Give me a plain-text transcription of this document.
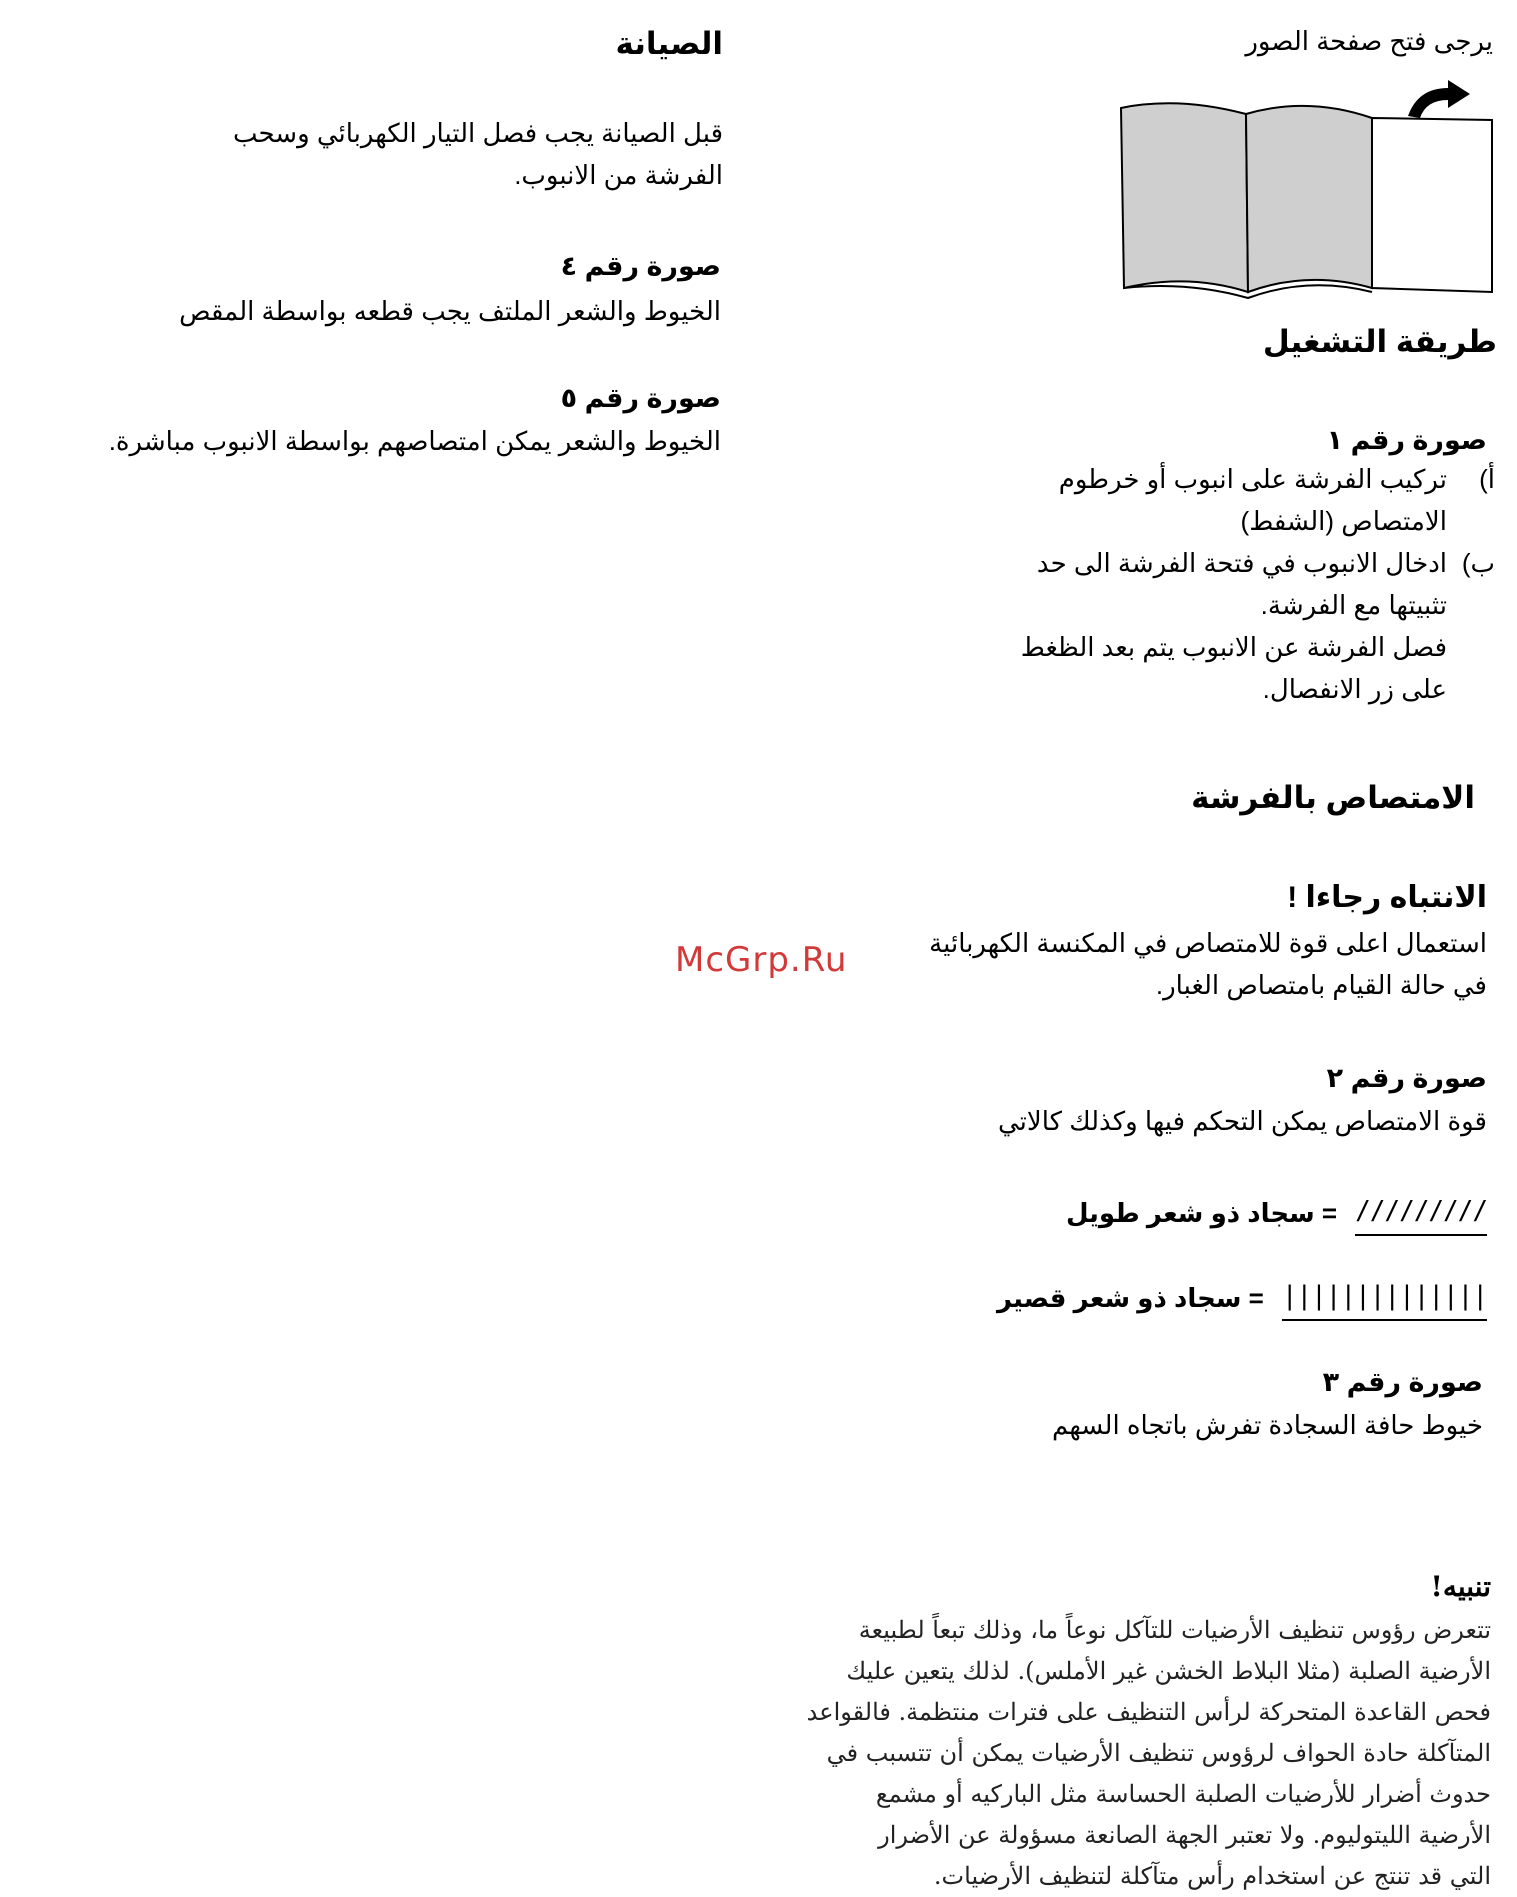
يرجى فتح صفحة الصور
طريقة التشغيل
صورة رقم ١
أ)
تركيب الفرشة على انبوب أو خرطوم
الامتصاص (الشفط)
ب)
ادخال الانبوب في فتحة الفرشة الى حد
تثبيتها مع الفرشة.
فصل الفرشة عن الانبوب يتم بعد الظغط
على زر الانفصال.
الامتصاص بالفرشة
الانتباه رجاءا !
استعمال اعلى قوة للامتصاص في المكنسة الكهربائية
في حالة القيام بامتصاص الغبار.
McGrp.Ru
صورة رقم ٢
قوة الامتصاص يمكن التحكم فيها وكذلك كالاتي
/////////
= سجاد ذو شعر طويل
||||||||||||||
= سجاد ذو شعر قصير
صورة رقم ٣
خيوط حافة السجادة تفرش باتجاه السهم
الصيانة
قبل الصيانة يجب فصل التيار الكهربائي وسحب
الفرشة من الانبوب.
صورة رقم ٤
الخيوط والشعر الملتف يجب قطعه بواسطة المقص
صورة رقم ٥
الخيوط والشعر يمكن امتصاصهم بواسطة الانبوب مباشرة.
تنبيه!
تتعرض رؤوس تنظيف الأرضيات للتآكل نوعاً ما، وذلك تبعاً لطبيعة
الأرضية الصلبة (مثلا البلاط الخشن غير الأملس). لذلك يتعين عليك
فحص القاعدة المتحركة لرأس التنظيف على فترات منتظمة. فالقواعد
المتآكلة حادة الحواف لرؤوس تنظيف الأرضيات يمكن أن تتسبب في
حدوث أضرار للأرضيات الصلبة الحساسة مثل الباركيه أو مشمع
الأرضية الليتوليوم. ولا تعتبر الجهة الصانعة مسؤولة عن الأضرار
التي قد تنتج عن استخدام رأس متآكلة لتنظيف الأرضيات.
